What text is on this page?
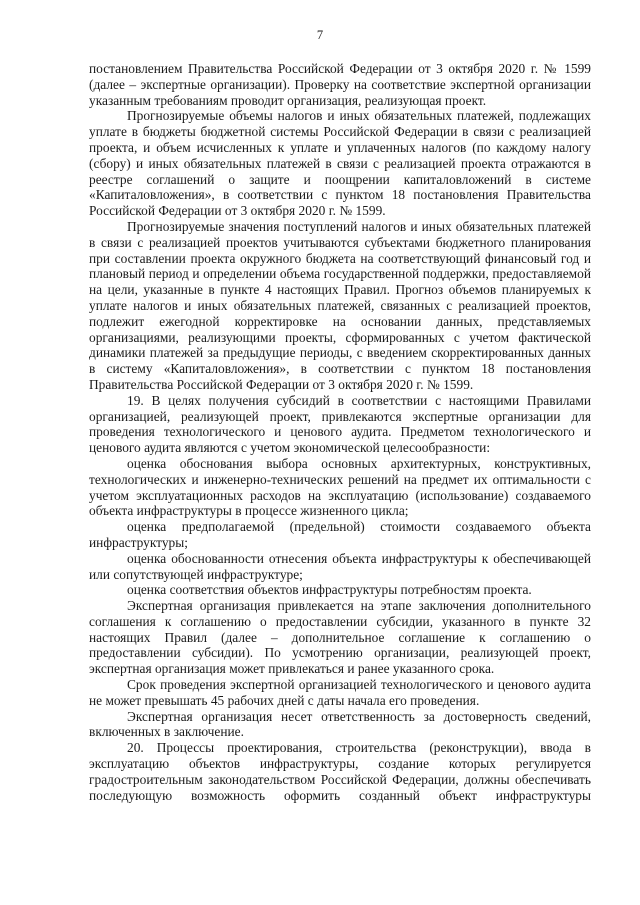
7

постановлением Правительства Российской Федерации от 3 октября 2020 г. № 1599 (далее – экспертные организации). Проверку на соответствие экспертной организации указанным требованиям проводит организация, реализующая проект.

Прогнозируемые объемы налогов и иных обязательных платежей, подлежащих уплате в бюджеты бюджетной системы Российской Федерации в связи с реализацией проекта, и объем исчисленных к уплате и уплаченных налогов (по каждому налогу (сбору) и иных обязательных платежей в связи с реализацией проекта отражаются в реестре соглашений о защите и поощрении капиталовложений в системе «Капиталовложения», в соответствии с пунктом 18 постановления Правительства Российской Федерации от 3 октября 2020 г. № 1599.

Прогнозируемые значения поступлений налогов и иных обязательных платежей в связи с реализацией проектов учитываются субъектами бюджетного планирования при составлении проекта окружного бюджета на соответствующий финансовый год и плановый период и определении объема государственной поддержки, предоставляемой на цели, указанные в пункте 4 настоящих Правил. Прогноз объемов планируемых к уплате налогов и иных обязательных платежей, связанных с реализацией проектов, подлежит ежегодной корректировке на основании данных, представляемых организациями, реализующими проекты, сформированных с учетом фактической динамики платежей за предыдущие периоды, с введением скорректированных данных в систему «Капиталовложения», в соответствии с пунктом 18 постановления Правительства Российской Федерации от 3 октября 2020 г. № 1599.

19. В целях получения субсидий в соответствии с настоящими Правилами организацией, реализующей проект, привлекаются экспертные организации для проведения технологического и ценового аудита. Предметом технологического и ценового аудита являются с учетом экономической целесообразности:

оценка обоснования выбора основных архитектурных, конструктивных, технологических и инженерно-технических решений на предмет их оптимальности с учетом эксплуатационных расходов на эксплуатацию (использование) создаваемого объекта инфраструктуры в процессе жизненного цикла;

оценка предполагаемой (предельной) стоимости создаваемого объекта инфраструктуры;

оценка обоснованности отнесения объекта инфраструктуры к обеспечивающей или сопутствующей инфраструктуре;

оценка соответствия объектов инфраструктуры потребностям проекта.

Экспертная организация привлекается на этапе заключения дополнительного соглашения к соглашению о предоставлении субсидии, указанного в пункте 32 настоящих Правил (далее – дополнительное соглашение к соглашению о предоставлении субсидии). По усмотрению организации, реализующей проект, экспертная организация может привлекаться и ранее указанного срока.

Срок проведения экспертной организацией технологического и ценового аудита не может превышать 45 рабочих дней с даты начала его проведения.

Экспертная организация несет ответственность за достоверность сведений, включенных в заключение.

20. Процессы проектирования, строительства (реконструкции), ввода в эксплуатацию объектов инфраструктуры, создание которых регулируется градостроительным законодательством Российской Федерации, должны обеспечивать последующую возможность оформить созданный объект инфраструктуры
